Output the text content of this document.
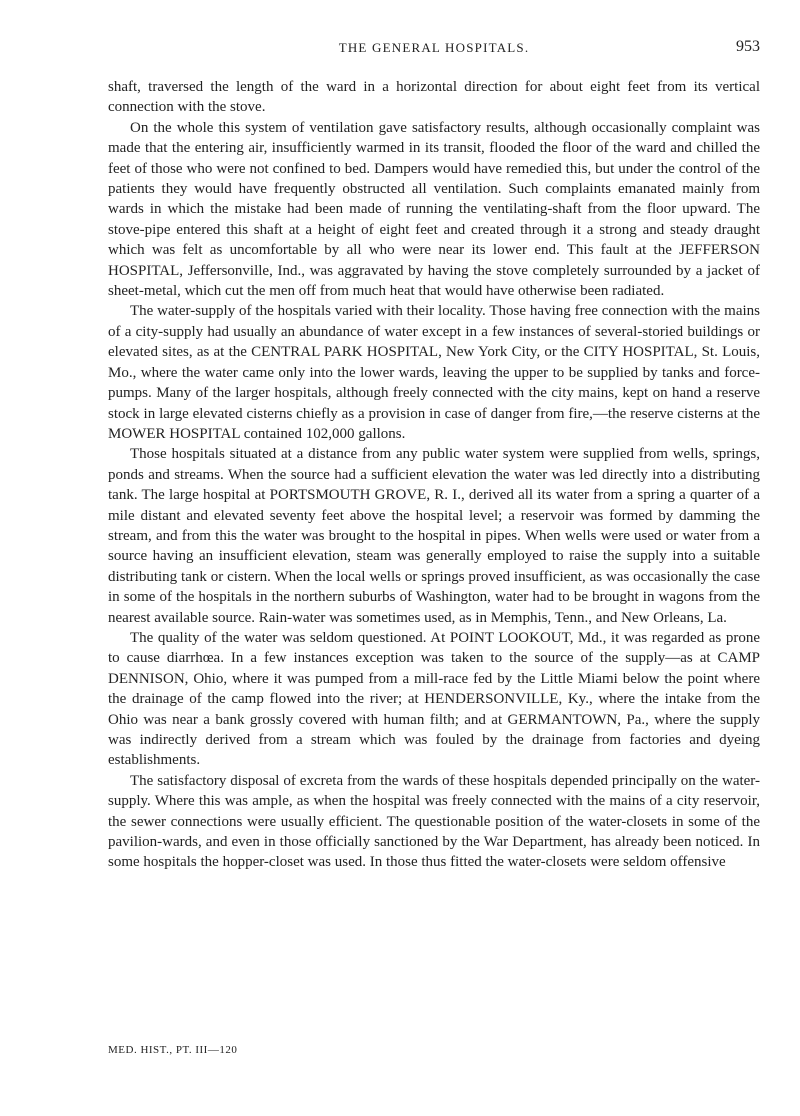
THE GENERAL HOSPITALS.	953

shaft, traversed the length of the ward in a horizontal direction for about eight feet from its vertical connection with the stove.

On the whole this system of ventilation gave satisfactory results, although occasionally complaint was made that the entering air, insufficiently warmed in its transit, flooded the floor of the ward and chilled the feet of those who were not confined to bed. Dampers would have remedied this, but under the control of the patients they would have frequently obstructed all ventilation. Such complaints emanated mainly from wards in which the mistake had been made of running the ventilating-shaft from the floor upward. The stove-pipe entered this shaft at a height of eight feet and created through it a strong and steady draught which was felt as uncomfortable by all who were near its lower end. This fault at the JEFFERSON HOSPITAL, Jeffersonville, Ind., was aggravated by having the stove completely surrounded by a jacket of sheet-metal, which cut the men off from much heat that would have otherwise been radiated.

The water-supply of the hospitals varied with their locality. Those having free connection with the mains of a city-supply had usually an abundance of water except in a few instances of several-storied buildings or elevated sites, as at the CENTRAL PARK HOSPITAL, New York City, or the CITY HOSPITAL, St. Louis, Mo., where the water came only into the lower wards, leaving the upper to be supplied by tanks and force-pumps. Many of the larger hospitals, although freely connected with the city mains, kept on hand a reserve stock in large elevated cisterns chiefly as a provision in case of danger from fire,—the reserve cisterns at the MOWER HOSPITAL contained 102,000 gallons.

Those hospitals situated at a distance from any public water system were supplied from wells, springs, ponds and streams. When the source had a sufficient elevation the water was led directly into a distributing tank. The large hospital at PORTSMOUTH GROVE, R. I., derived all its water from a spring a quarter of a mile distant and elevated seventy feet above the hospital level; a reservoir was formed by damming the stream, and from this the water was brought to the hospital in pipes. When wells were used or water from a source having an insufficient elevation, steam was generally employed to raise the supply into a suitable distributing tank or cistern. When the local wells or springs proved insufficient, as was occasionally the case in some of the hospitals in the northern suburbs of Washington, water had to be brought in wagons from the nearest available source. Rain-water was sometimes used, as in Memphis, Tenn., and New Orleans, La.

The quality of the water was seldom questioned. At POINT LOOKOUT, Md., it was regarded as prone to cause diarrhœa. In a few instances exception was taken to the source of the supply—as at CAMP DENNISON, Ohio, where it was pumped from a mill-race fed by the Little Miami below the point where the drainage of the camp flowed into the river; at HENDERSONVILLE, Ky., where the intake from the Ohio was near a bank grossly covered with human filth; and at GERMANTOWN, Pa., where the supply was indirectly derived from a stream which was fouled by the drainage from factories and dyeing establishments.

The satisfactory disposal of excreta from the wards of these hospitals depended principally on the water-supply. Where this was ample, as when the hospital was freely connected with the mains of a city reservoir, the sewer connections were usually efficient. The questionable position of the water-closets in some of the pavilion-wards, and even in those officially sanctioned by the War Department, has already been noticed. In some hospitals the hopper-closet was used. In those thus fitted the water-closets were seldom offensive

MED. HIST., PT. III—120
